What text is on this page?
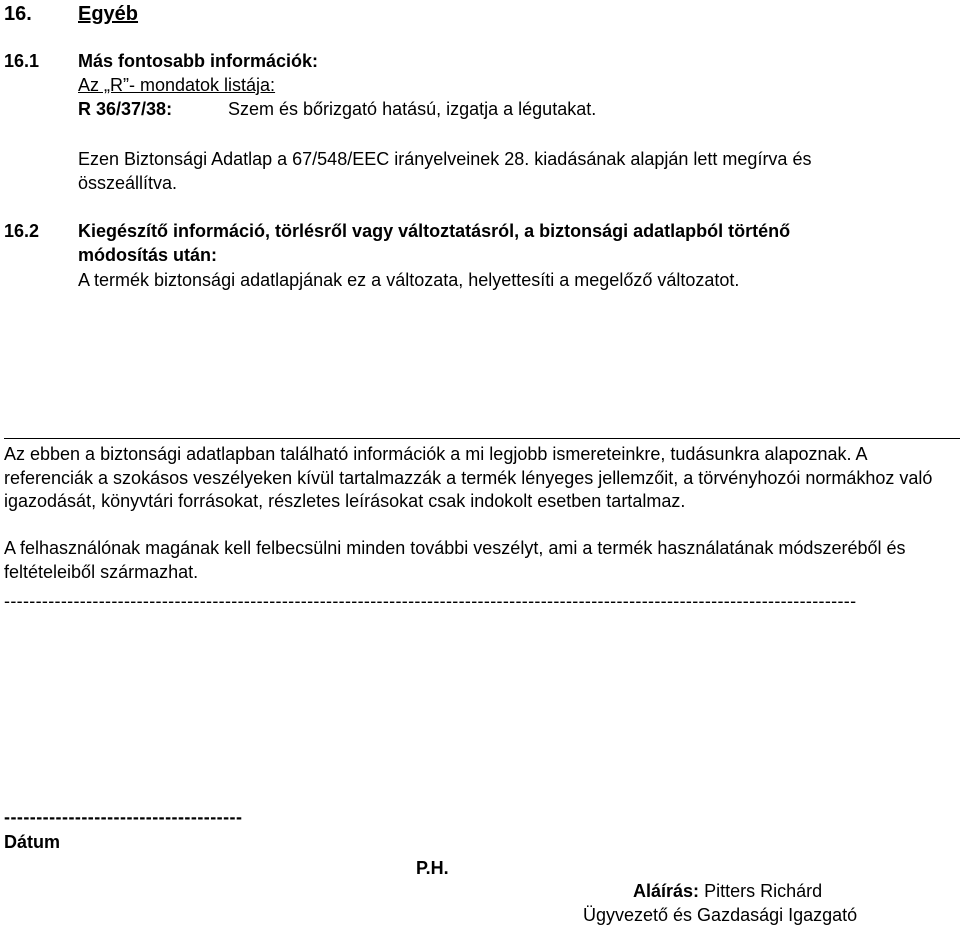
16. Egyéb
16.1 Más fontosabb információk:
Az „R”- mondatok listája:
R 36/37/38:	Szem és bőrizgató hatású, izgatja a légutakat.
Ezen Biztonsági Adatlap a 67/548/EEC irányelveinek 28. kiadásának alapján lett megírva és
összeállítva.
16.2 Kiegészítő információ, törlésről vagy változtatásról, a biztonsági adatlapból történő
módosítás után:
A termék biztonsági adatlapjának ez a változata, helyettesíti a megelőző változatot.
Az ebben a biztonsági adatlapban található információk a mi legjobb ismereteinkre, tudásunkra alapoznak. A referenciák a szokásos veszélyeken kívül tartalmazzák a termék lényeges jellemzőit, a törvényhozói normákhoz való igazodását, könyvtári forrásokat, részletes leírásokat csak indokolt esetben tartalmaz.
A felhasználónak magának kell felbecsülni minden további veszélyt, ami a termék használatának módszeréből és feltételeiből származhat.
---------------------------------------------------------------------------------------------------------------------------------------
-------------------------------------
Dátum
P.H.
Aláírás: Pitters Richárd
Ügyvezető és Gazdasági Igazgató
